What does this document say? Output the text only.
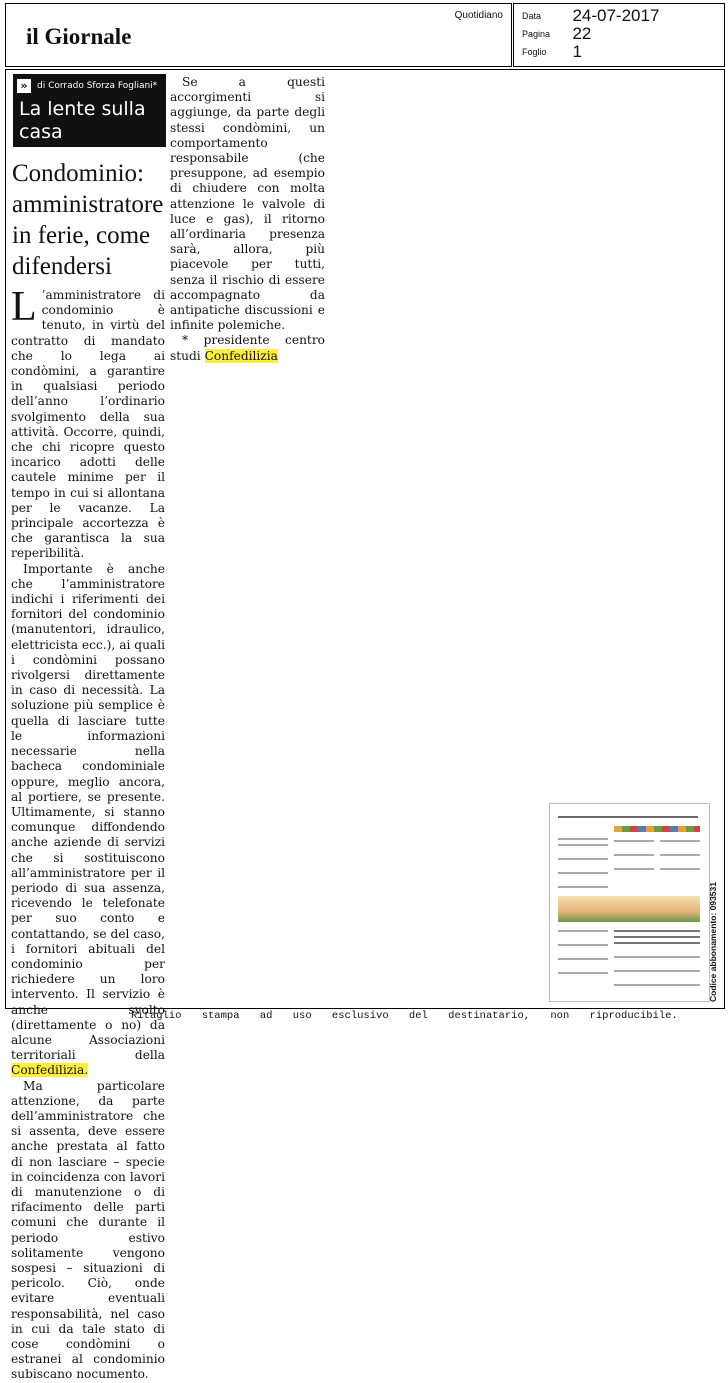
il Giornale
Quotidiano Data 24-07-2017
Pagina 22
Foglio 1
»	di Corrado Sforza Fogliani*
La lente sulla casa
Condominio: amministratore in ferie, come difendersi

L ’amministratore di condominio è tenuto, in virtù del contratto di mandato che lo lega ai condòmini, a garantire in qualsiasi periodo dell’anno l’ordinario svolgimento della sua attività. Occorre, quindi, che chi ricopre questo incarico adotti delle cautele minime per il tempo in cui si allontana per le vacanze. La principale accortezza è che garantisca la sua reperibilità.

Importante è anche che l’amministratore indichi i riferimenti dei fornitori del condominio (manutentori, idraulico, elettricista ecc.), ai quali i condòmini possano rivolgersi direttamente in caso di necessità. La soluzione più semplice è quella di lasciare tutte le informazioni necessarie nella bacheca condominiale oppure, meglio ancora, al portiere, se presente. Ultimamente, si stanno comunque diffondendo anche aziende di servizi che si sostituiscono all’amministratore per il periodo di sua assenza, ricevendo le telefonate per suo conto e contattando, se del caso, i fornitori abituali del condominio per richiedere un loro intervento. Il servizio è anche svolto (direttamente o no) da alcune Associazioni territoriali della Confedilizia.

Ma particolare attenzione, da parte dell’amministratore che si assenta, deve essere anche prestata al fatto di non lasciare – specie in coincidenza con lavori di manutenzione o di rifacimento delle parti comuni che durante il periodo estivo solitamente vengono sospesi – situazioni di pericolo. Ciò, onde evitare eventuali responsabilità, nel caso in cui da tale stato di cose condòmini o estranei al condominio subiscano nocumento.

Se a questi accorgimenti si aggiunge, da parte degli stessi condòmini, un comportamento responsabile (che presuppone, ad esempio di chiudere con molta attenzione le valvole di luce e gas), il ritorno all’ordinaria presenza sarà, allora, più piacevole per tutti, senza il rischio di essere accompagnato da antipatiche discussioni e infinite polemiche.

* presidente centro studi Confedilizia

Codice abbonamento: 093531
Ritaglio stampa ad uso esclusivo del destinatario, non riproducibile.
